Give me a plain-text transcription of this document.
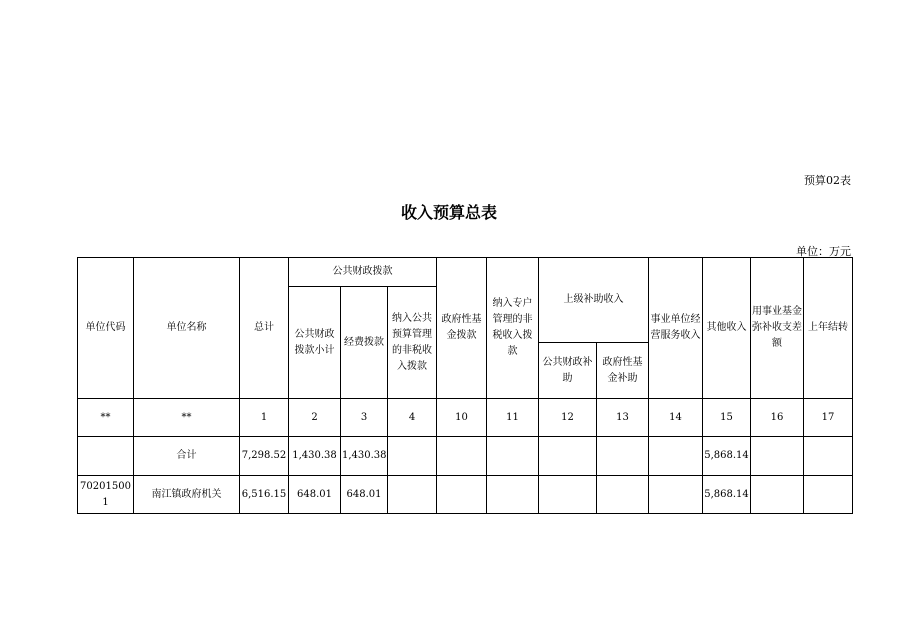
预算02表
收入预算总表
单位：万元
单位代码	单位名称	总计	公共财政拨款			政府性基金拨款	纳入专户管理的非税收入拨款	上级补助收入		事业单位经营服务收入	其他收入	用事业基金弥补收支差额	上年结转
			公共财政拨款小计	经费拨款	纳入公共预算管理的非税收入拨款								
								公共财政补助	政府性基金补助				
**	**	1	2	3	4	10	11	12	13	14	15	16	17
	合计	7,298.52	1,430.38	1,430.38							5,868.14		
702015001	南江镇政府机关	6,516.15	648.01	648.01							5,868.14		
